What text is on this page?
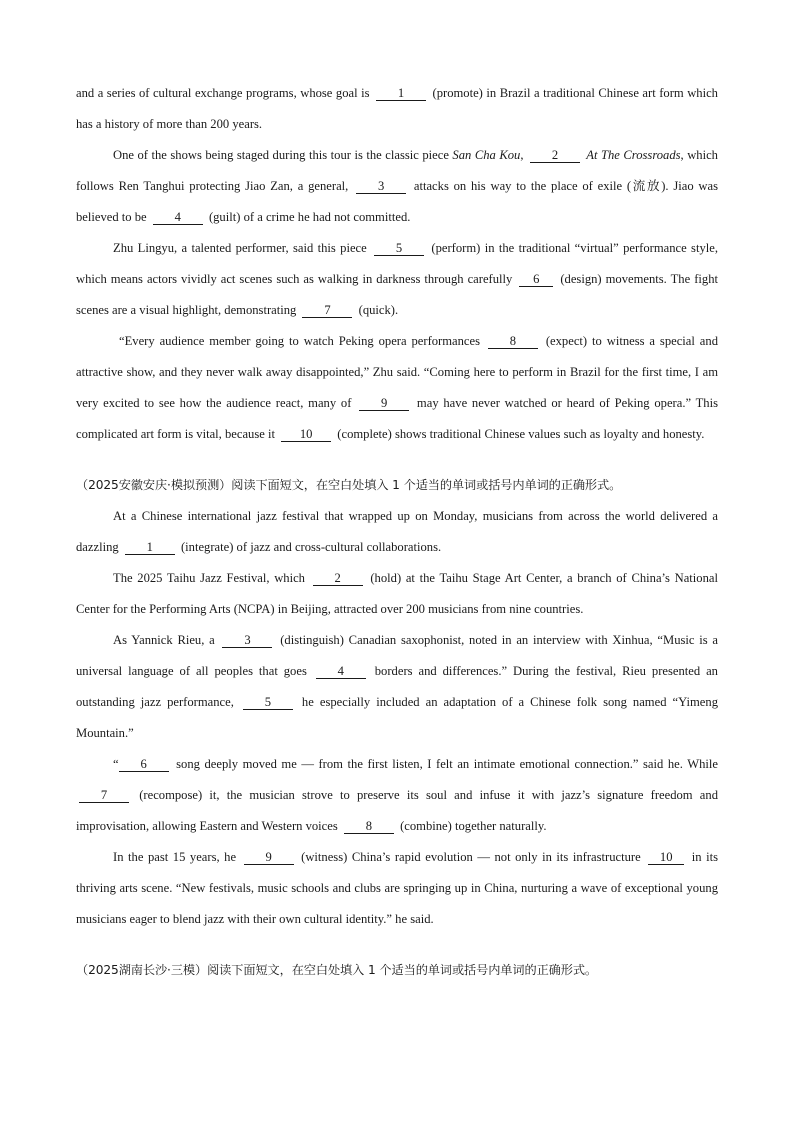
and a series of cultural exchange programs, whose goal is 1 (promote) in Brazil a traditional Chinese art form which has a history of more than 200 years.

One of the shows being staged during this tour is the classic piece San Cha Kou, 2 At The Crossroads, which follows Ren Tanghui protecting Jiao Zan, a general, 3 attacks on his way to the place of exile (流放). Jiao was believed to be 4 (guilt) of a crime he had not committed.

Zhu Lingyu, a talented performer, said this piece 5 (perform) in the traditional “virtual” performance style, which means actors vividly act scenes such as walking in darkness through carefully 6 (design) movements. The fight scenes are a visual highlight, demonstrating 7 (quick).

“Every audience member going to watch Peking opera performances 8 (expect) to witness a special and attractive show, and they never walk away disappointed,” Zhu said. “Coming here to perform in Brazil for the first time, I am very excited to see how the audience react, many of 9 may have never watched or heard of Peking opera.” This complicated art form is vital, because it 10 (complete) shows traditional Chinese values such as loyalty and honesty.

（2025安徽安庆·模拟预测）阅读下面短文，在空白处填入 1 个适当的单词或括号内单词的正确形式。

At a Chinese international jazz festival that wrapped up on Monday, musicians from across the world delivered a dazzling 1 (integrate) of jazz and cross-cultural collaborations.

The 2025 Taihu Jazz Festival, which 2 (hold) at the Taihu Stage Art Center, a branch of China’s National Center for the Performing Arts (NCPA) in Beijing, attracted over 200 musicians from nine countries.

As Yannick Rieu, a 3 (distinguish) Canadian saxophonist, noted in an interview with Xinhua, “Music is a universal language of all peoples that goes 4 borders and differences.” During the festival, Rieu presented an outstanding jazz performance, 5 he especially included an adaptation of a Chinese folk song named “Yimeng Mountain.”

“ 6 song deeply moved me — from the first listen, I felt an intimate emotional connection.” said he. While 7 (recompose) it, the musician strove to preserve its soul and infuse it with jazz’s signature freedom and improvisation, allowing Eastern and Western voices 8 (combine) together naturally.

In the past 15 years, he 9 (witness) China’s rapid evolution — not only in its infrastructure 10 in its thriving arts scene. “New festivals, music schools and clubs are springing up in China, nurturing a wave of exceptional young musicians eager to blend jazz with their own cultural identity.” he said.

（2025湖南长沙·三模）阅读下面短文，在空白处填入 1 个适当的单词或括号内单词的正确形式。
